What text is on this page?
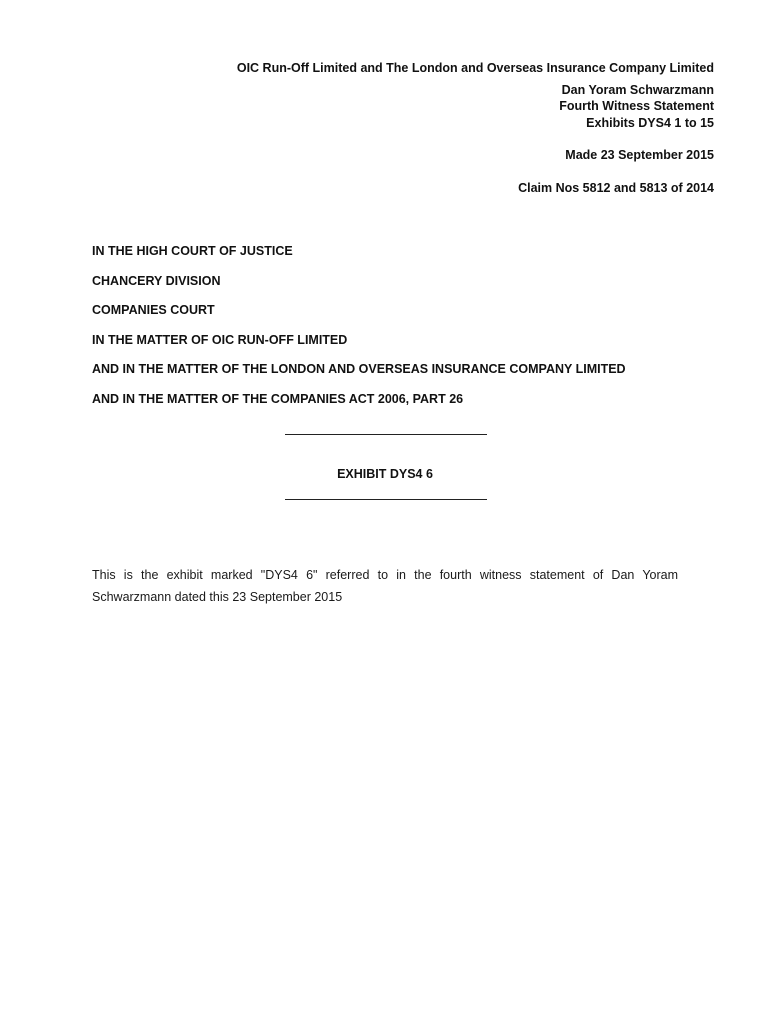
OIC Run-Off Limited and The London and Overseas Insurance Company Limited

Dan Yoram Schwarzmann

Fourth Witness Statement

Exhibits DYS4 1 to 15

Made 23 September 2015

Claim Nos 5812 and 5813 of 2014

IN THE HIGH COURT OF JUSTICE

CHANCERY DIVISION

COMPANIES COURT

IN THE MATTER OF OIC RUN-OFF LIMITED

AND IN THE MATTER OF THE LONDON AND OVERSEAS INSURANCE COMPANY LIMITED

AND IN THE MATTER OF THE COMPANIES ACT 2006, PART 26

EXHIBIT DYS4 6

This is the exhibit marked "DYS4 6" referred to in the fourth witness statement of Dan Yoram Schwarzmann dated this 23 September 2015
